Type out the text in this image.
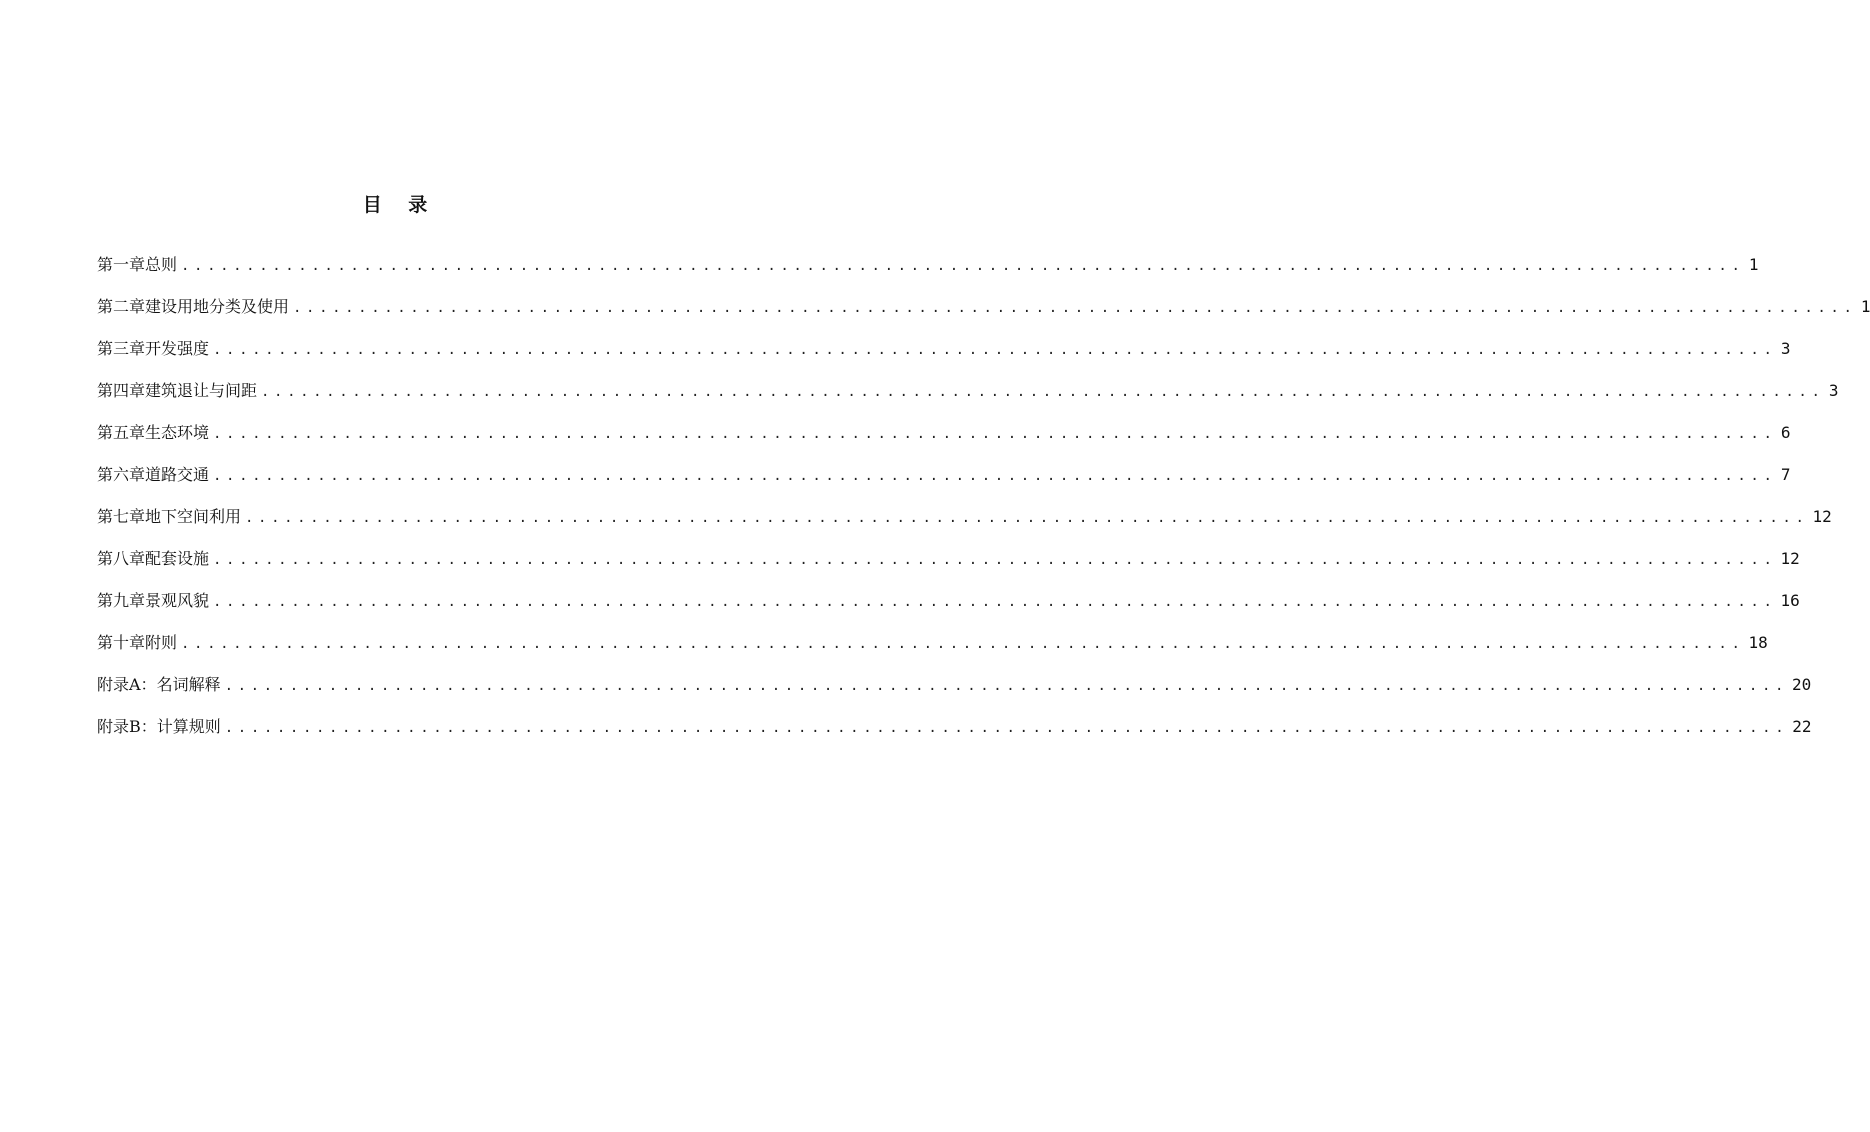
目 录
第一章 总则 ........................................................................................................................ 1
第二章 建设用地分类及使用 ........................................................................................................................ 1
第三章 开发强度 ........................................................................................................................ 3
第四章 建筑退让与间距 ........................................................................................................................ 3
第五章 生态环境 ........................................................................................................................ 6
第六章 道路交通 ........................................................................................................................ 7
第七章 地下空间利用 ........................................................................................................................ 12
第八章 配套设施 ........................................................................................................................ 12
第九章 景观风貌 ........................................................................................................................ 16
第十章 附则 ........................................................................................................................ 18
附录A： 名词解释 ........................................................................................................................ 20
附录B： 计算规则 ........................................................................................................................ 22
